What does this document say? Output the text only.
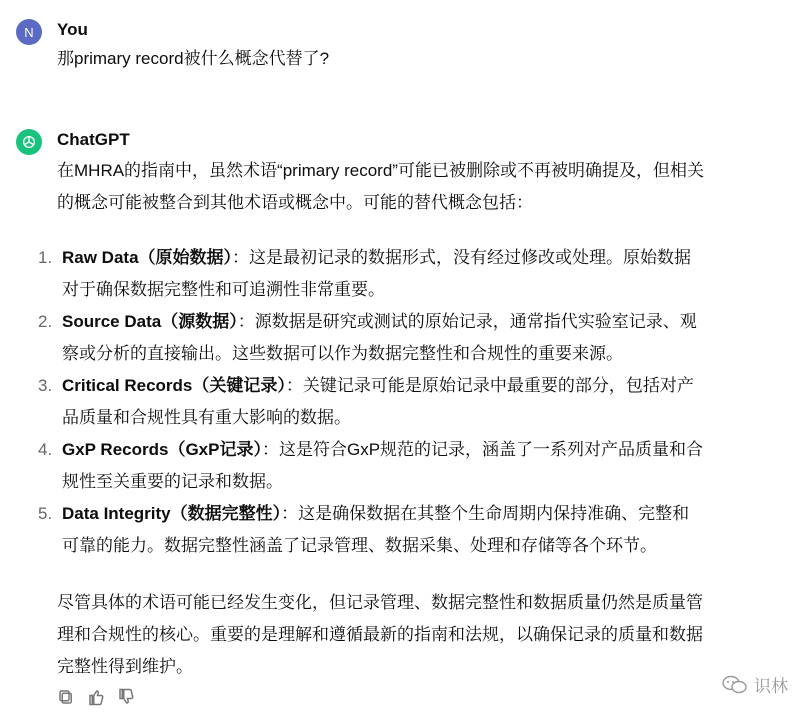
N You
那primary record被什么概念代替了?
ChatGPT
在MHRA的指南中，虽然术语“primary record”可能已被删除或不再被明确提及，但相关
的概念可能被整合到其他术语或概念中。可能的替代概念包括：
1. Raw Data（原始数据）：这是最初记录的数据形式，没有经过修改或处理。原始数据
对于确保数据完整性和可追溯性非常重要。
2. Source Data（源数据）：源数据是研究或测试的原始记录，通常指代实验室记录、观
察或分析的直接输出。这些数据可以作为数据完整性和合规性的重要来源。
3. Critical Records（关键记录）：关键记录可能是原始记录中最重要的部分，包括对产
品质量和合规性具有重大影响的数据。
4. GxP Records（GxP记录）：这是符合GxP规范的记录，涵盖了一系列对产品质量和合
规性至关重要的记录和数据。
5. Data Integrity（数据完整性）：这是确保数据在其整个生命周期内保持准确、完整和
可靠的能力。数据完整性涵盖了记录管理、数据采集、处理和存储等各个环节。
尽管具体的术语可能已经发生变化，但记录管理、数据完整性和数据质量仍然是质量管
理和合规性的核心。重要的是理解和遵循最新的指南和法规，以确保记录的质量和数据
完整性得到维护。
识林
